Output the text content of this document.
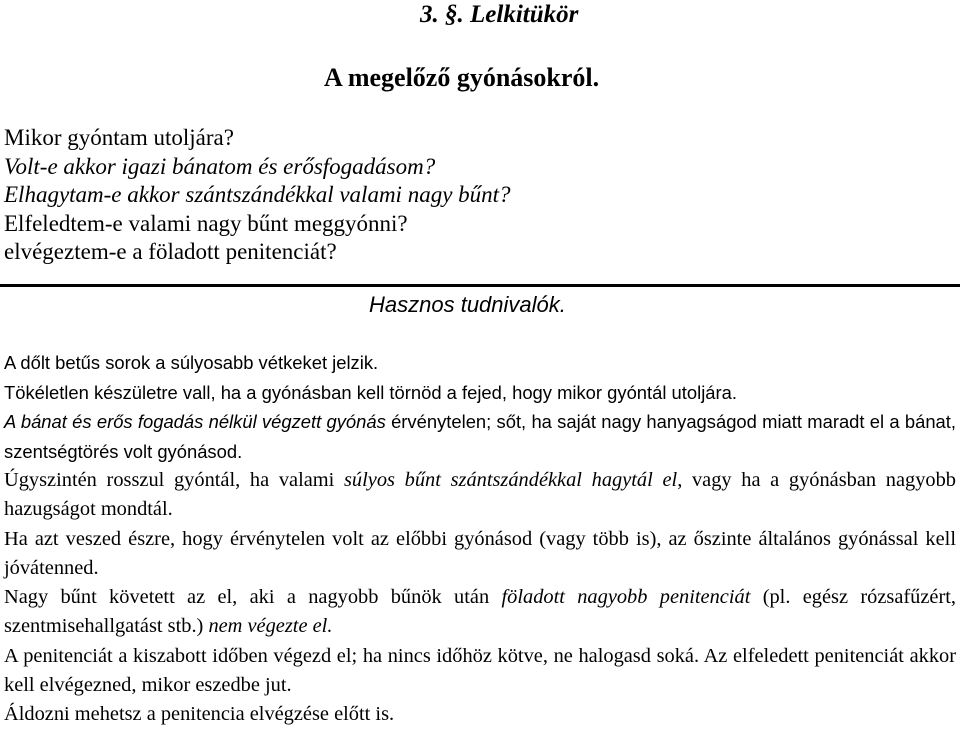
3. §. Lelkitükör
A megelőző gyónásokról.
Mikor gyóntam utoljára?
Volt-e akkor igazi bánatom és erősfogadásom?
Elhagytam-e akkor szántszándékkal valami nagy bűnt?
Elfeledtem-e valami nagy bűnt meggyónni?
elvégeztem-e a föladott penitenciát?
Hasznos tudnivalók.
A dőlt betűs sorok a súlyosabb vétkeket jelzik.
Tökéletlen készületre vall, ha a gyónásban kell törnöd a fejed, hogy mikor gyóntál utoljára.
A bánat és erős fogadás nélkül végzett gyónás érvénytelen; sőt, ha saját nagy hanyagságod miatt maradt el a bánat, szentségtörés volt gyónásod.
Úgyszintén rosszul gyóntál, ha valami súlyos bűnt szántszándékkal hagytál el, vagy ha a gyónásban nagyobb hazugságot mondtál.
Ha azt veszed észre, hogy érvénytelen volt az előbbi gyónásod (vagy több is), az őszinte általános gyónással kell jóvátenned.
Nagy bűnt követett az el, aki a nagyobb bűnök után föladott nagyobb penitenciát (pl. egész rózsafűzért, szentmisehallgatást stb.) nem végezte el.
A penitenciát a kiszabott időben végezd el; ha nincs időhöz kötve, ne halogasd soká. Az elfeledett penitenciát akkor kell elvégezned, mikor eszedbe jut.
Áldozni mehetsz a penitencia elvégzése előtt is.
